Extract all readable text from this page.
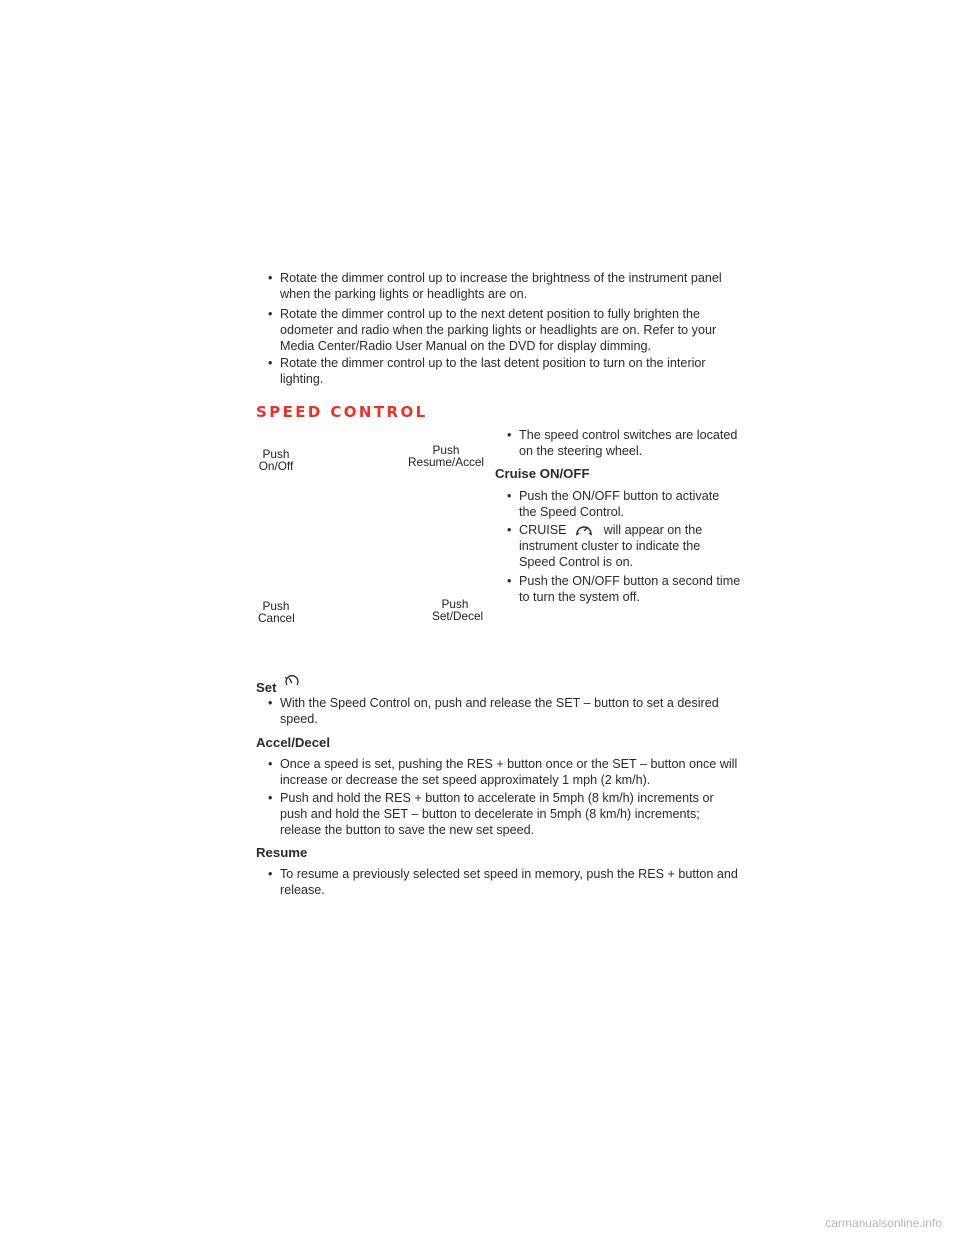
• Rotate the dimmer control up to increase the brightness of the instrument panel
when the parking lights or headlights are on.
• Rotate the dimmer control up to the next detent position to fully brighten the
odometer and radio when the parking lights or headlights are on. Refer to your
Media Center/Radio User Manual on the DVD for display dimming.
• Rotate the dimmer control up to the last detent position to turn on the interior
lighting.
SPEED CONTROL
Push
On/Off
Push
Resume/Accel
Push
Cancel
Push
Set/Decel
• The speed control switches are located
on the steering wheel.
Cruise ON/OFF
• Push the ON/OFF button to activate
the Speed Control.
• CRUISE	will appear on the
instrument cluster to indicate the
Speed Control is on.
• Push the ON/OFF button a second time
to turn the system off.
Set
• With the Speed Control on, push and release the SET – button to set a desired
speed.
Accel/Decel
• Once a speed is set, pushing the RES + button once or the SET – button once will
increase or decrease the set speed approximately 1 mph (2 km/h).
• Push and hold the RES + button to accelerate in 5mph (8 km/h) increments or
push and hold the SET – button to decelerate in 5mph (8 km/h) increments;
release the button to save the new set speed.
Resume
• To resume a previously selected set speed in memory, push the RES + button and
release.
carmanualsonline.info
